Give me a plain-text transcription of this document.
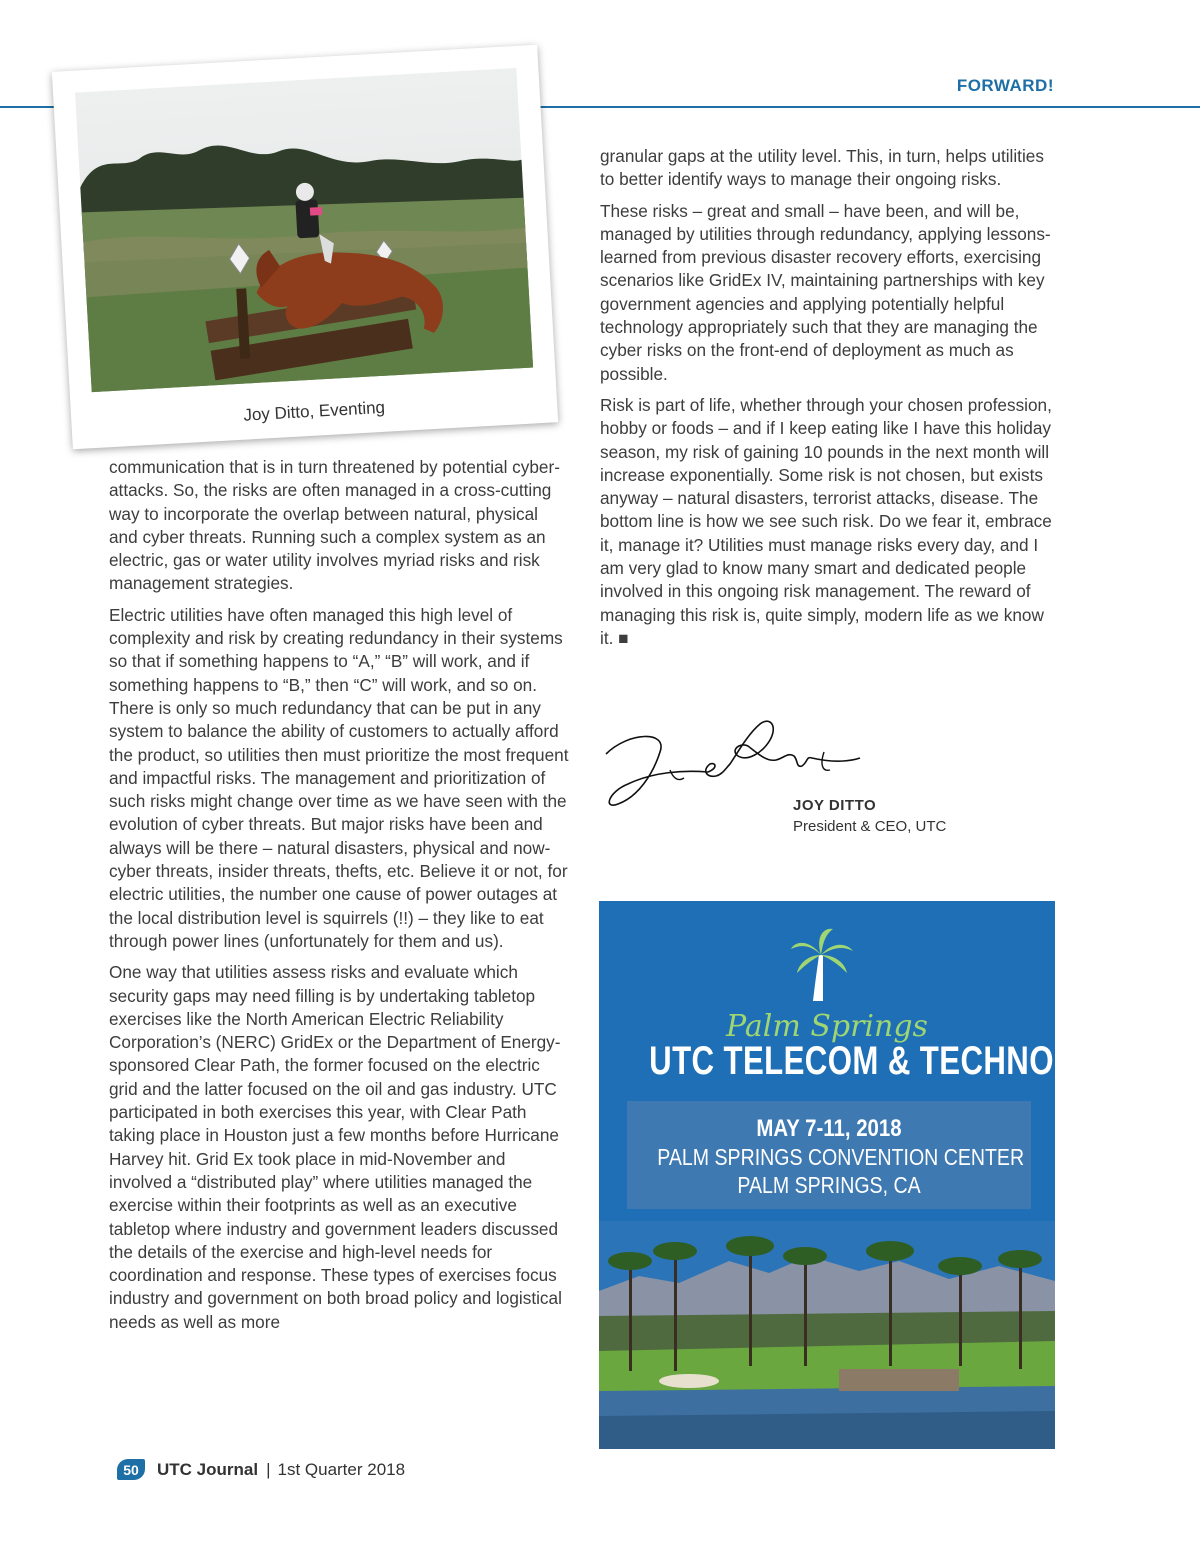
FORWARD!
Joy Ditto, Eventing

communication that is in turn threatened by potential cyber-attacks. So, the risks are often managed in a cross-cutting way to incorporate the overlap between natural, physical and cyber threats. Running such a complex system as an electric, gas or water utility involves myriad risks and risk management strategies.

Electric utilities have often managed this high level of complexity and risk by creating redundancy in their systems so that if something happens to “A,” “B” will work, and if something happens to “B,” then “C” will work, and so on. There is only so much redundancy that can be put in any system to balance the ability of customers to actually afford the product, so utilities then must prioritize the most frequent and impactful risks. The management and prioritization of such risks might change over time as we have seen with the evolution of cyber threats. But major risks have been and always will be there – natural disasters, physical and now-cyber threats, insider threats, thefts, etc. Believe it or not, for electric utilities, the number one cause of power outages at the local distribution level is squirrels (!!) – they like to eat through power lines (unfortunately for them and us).

One way that utilities assess risks and evaluate which security gaps may need filling is by undertaking tabletop exercises like the North American Electric Reliability Corporation’s (NERC) GridEx or the Department of Energy-sponsored Clear Path, the former focused on the electric grid and the latter focused on the oil and gas industry. UTC participated in both exercises this year, with Clear Path taking place in Houston just a few months before Hurricane Harvey hit. Grid Ex took place in mid-November and involved a “distributed play” where utilities managed the exercise within their footprints as well as an executive tabletop where industry and government leaders discussed the details of the exercise and high-level needs for coordination and response. These types of exercises focus industry and government on both broad policy and logistical needs as well as more

granular gaps at the utility level. This, in turn, helps utilities to better identify ways to manage their ongoing risks.

These risks – great and small – have been, and will be, managed by utilities through redundancy, applying lessons-learned from previous disaster recovery efforts, exercising scenarios like GridEx IV, maintaining partnerships with key government agencies and applying potentially helpful technology appropriately such that they are managing the cyber risks on the front-end of deployment as much as possible.

Risk is part of life, whether through your chosen profession, hobby or foods – and if I keep eating like I have this holiday season, my risk of gaining 10 pounds in the next month will increase exponentially. Some risk is not chosen, but exists anyway – natural disasters, terrorist attacks, disease. The bottom line is how we see such risk. Do we fear it, embrace it, manage it? Utilities must manage risks every day, and I am very glad to know many smart and dedicated people involved in this ongoing risk management. The reward of managing this risk is, quite simply, modern life as we know it. ■

JOY DITTO
President & CEO, UTC
Palm Springs
UTC TELECOM & TECHNOLOGY
MAY 7-11, 2018
PALM SPRINGS CONVENTION CENTER
PALM SPRINGS, CA
50	UTC Journal | 1st Quarter 2018
